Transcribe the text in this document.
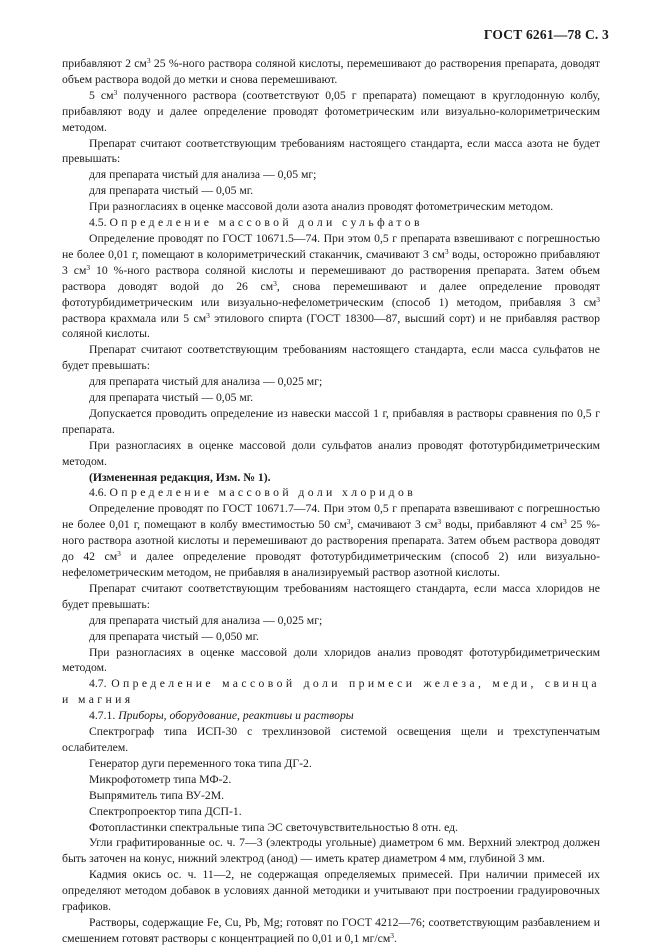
ГОСТ 6261—78 С. 3

прибавляют 2 $см^3$ 25 %-ного раствора соляной кислоты, перемешивают до растворения препарата, доводят объем раствора водой до метки и снова перемешивают.

5 $см^3$ полученного раствора (соответствуют 0,05 г препарата) помещают в круглодонную колбу, прибавляют воду и далее определение проводят фотометрическим или визуально-колориметрическим методом.

Препарат считают соответствующим требованиям настоящего стандарта, если масса азота не будет превышать:

для препарата чистый для анализа — 0,05 мг;

для препарата чистый — 0,05 мг.

При разногласиях в оценке массовой доли азота анализ проводят фотометрическим методом.

4.5. Определение массовой доли сульфатов

Определение проводят по ГОСТ 10671.5—74. При этом 0,5 г препарата взвешивают с погрешностью не более 0,01 г, помещают в колориметрический стаканчик, смачивают 3 $см^3$ воды, осторожно прибавляют 3 $см^3$ 10 %-ного раствора соляной кислоты и перемешивают до растворения препарата. Затем объем раствора доводят водой до 26 $см^3$, снова перемешивают и далее определение проводят фототурбидиметрическим или визуально-нефелометрическим (способ 1) методом, прибавляя 3 $см^3$ раствора крахмала или 5 $см^3$ этилового спирта (ГОСТ 18300—87, высший сорт) и не прибавляя раствор соляной кислоты.

Препарат считают соответствующим требованиям настоящего стандарта, если масса сульфатов не будет превышать:

для препарата чистый для анализа — 0,025 мг;

для препарата чистый — 0,05 мг.

Допускается проводить определение из навески массой 1 г, прибавляя в растворы сравнения по 0,5 г препарата.

При разногласиях в оценке массовой доли сульфатов анализ проводят фототурбидиметрическим методом.

(Измененная редакция, Изм. № 1).

4.6. Определение массовой доли хлоридов

Определение проводят по ГОСТ 10671.7—74. При этом 0,5 г препарата взвешивают с погрешностью не более 0,01 г, помещают в колбу вместимостью 50 $см^3$, смачивают 3 $см^3$ воды, прибавляют 4 $см^3$ 25 %-ного раствора азотной кислоты и перемешивают до растворения препарата. Затем объем раствора доводят до 42 $см^3$ и далее определение проводят фототурбидиметрическим (способ 2) или визуально-нефелометрическим методом, не прибавляя в анализируемый раствор азотной кислоты.

Препарат считают соответствующим требованиям настоящего стандарта, если масса хлоридов не будет превышать:

для препарата чистый для анализа — 0,025 мг;

для препарата чистый — 0,050 мг.

При разногласиях в оценке массовой доли хлоридов анализ проводят фототурбидиметрическим методом.

4.7. Определение массовой доли примеси железа, меди, свинца и магния

4.7.1. Приборы, оборудование, реактивы и растворы

Спектрограф типа ИСП-30 с трехлинзовой системой освещения щели и трехступенчатым ослабителем.

Генератор дуги переменного тока типа ДГ-2.

Микрофотометр типа МФ-2.

Выпрямитель типа ВУ-2М.

Спектропроектор типа ДСП-1.

Фотопластинки спектральные типа ЭС светочувствительностью 8 отн. ед.

Угли графитированные ос. ч. 7—3 (электроды угольные) диаметром 6 мм. Верхний электрод должен быть заточен на конус, нижний электрод (анод) — иметь кратер диаметром 4 мм, глубиной 3 мм.

Кадмия окись ос. ч. 11—2, не содержащая определяемых примесей. При наличии примесей их определяют методом добавок в условиях данной методики и учитывают при построении градуировочных графиков.

Растворы, содержащие Fe, Cu, Pb, Mg; готовят по ГОСТ 4212—76; соответствующим разбавлением и смешением готовят растворы с концентрацией по 0,01 и 0,1 $мг/см^3$.
